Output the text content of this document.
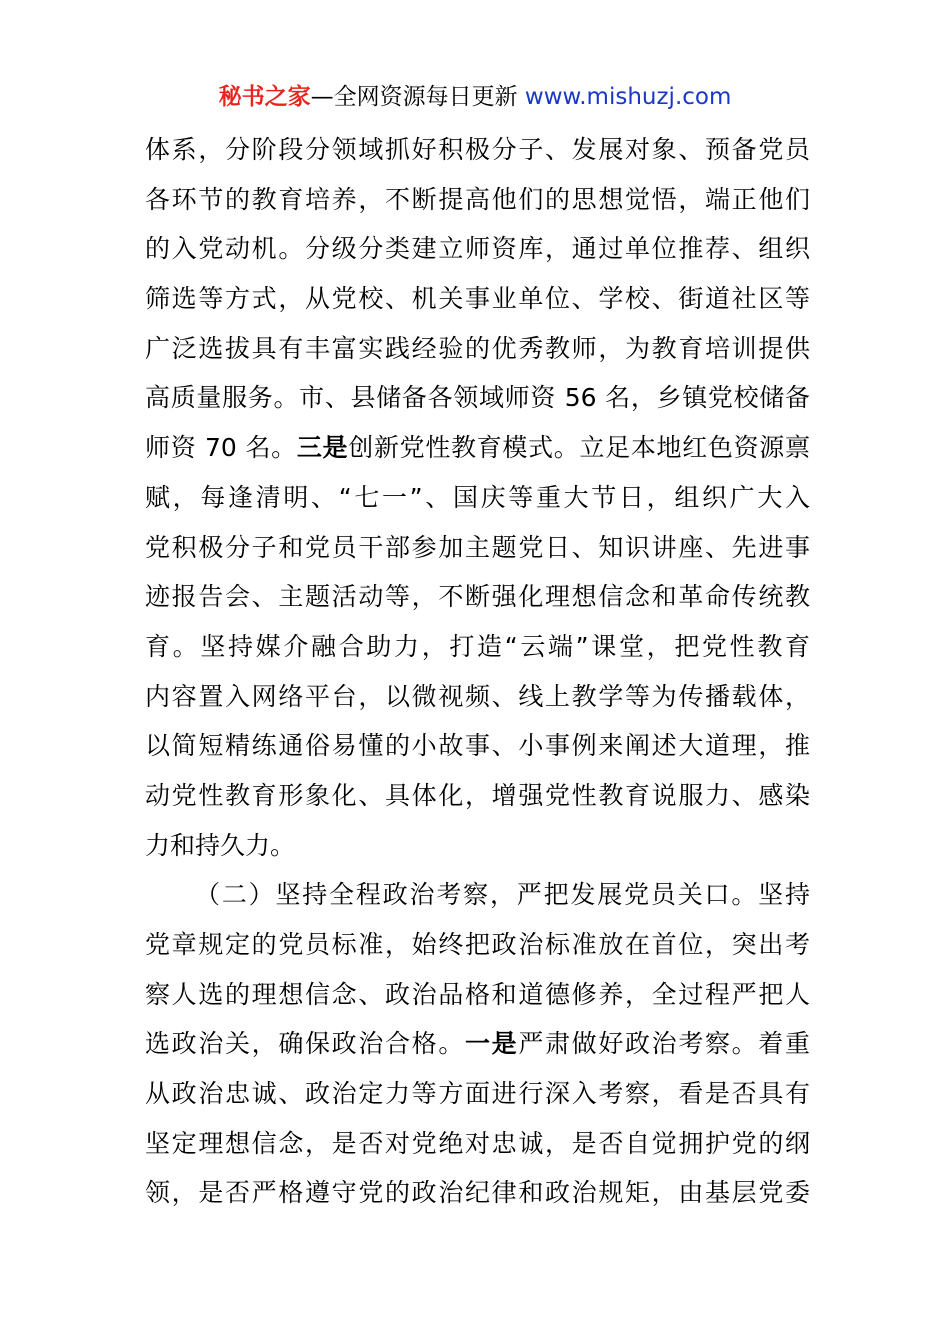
秘书之家—全网资源每日更新 www.mishuzj.com
体系，分阶段分领域抓好积极分子、发展对象、预备党员
各环节的教育培养，不断提高他们的思想觉悟，端正他们
的入党动机。分级分类建立师资库，通过单位推荐、组织
筛选等方式，从党校、机关事业单位、学校、街道社区等
广泛选拔具有丰富实践经验的优秀教师，为教育培训提供
高质量服务。市、县储备各领域师资 56 名，乡镇党校储备
师资 70 名。三是创新党性教育模式。立足本地红色资源禀
赋，每逢清明、“七一”、国庆等重大节日，组织广大入
党积极分子和党员干部参加主题党日、知识讲座、先进事
迹报告会、主题活动等，不断强化理想信念和革命传统教
育。坚持媒介融合助力，打造“云端”课堂，把党性教育
内容置入网络平台，以微视频、线上教学等为传播载体，
以简短精练通俗易懂的小故事、小事例来阐述大道理，推
动党性教育形象化、具体化，增强党性教育说服力、感染
力和持久力。
（二）坚持全程政治考察，严把发展党员关口。坚持
党章规定的党员标准，始终把政治标准放在首位，突出考
察人选的理想信念、政治品格和道德修养，全过程严把人
选政治关，确保政治合格。一是严肃做好政治考察。着重
从政治忠诚、政治定力等方面进行深入考察，看是否具有
坚定理想信念，是否对党绝对忠诚，是否自觉拥护党的纲
领，是否严格遵守党的政治纪律和政治规矩，由基层党委
